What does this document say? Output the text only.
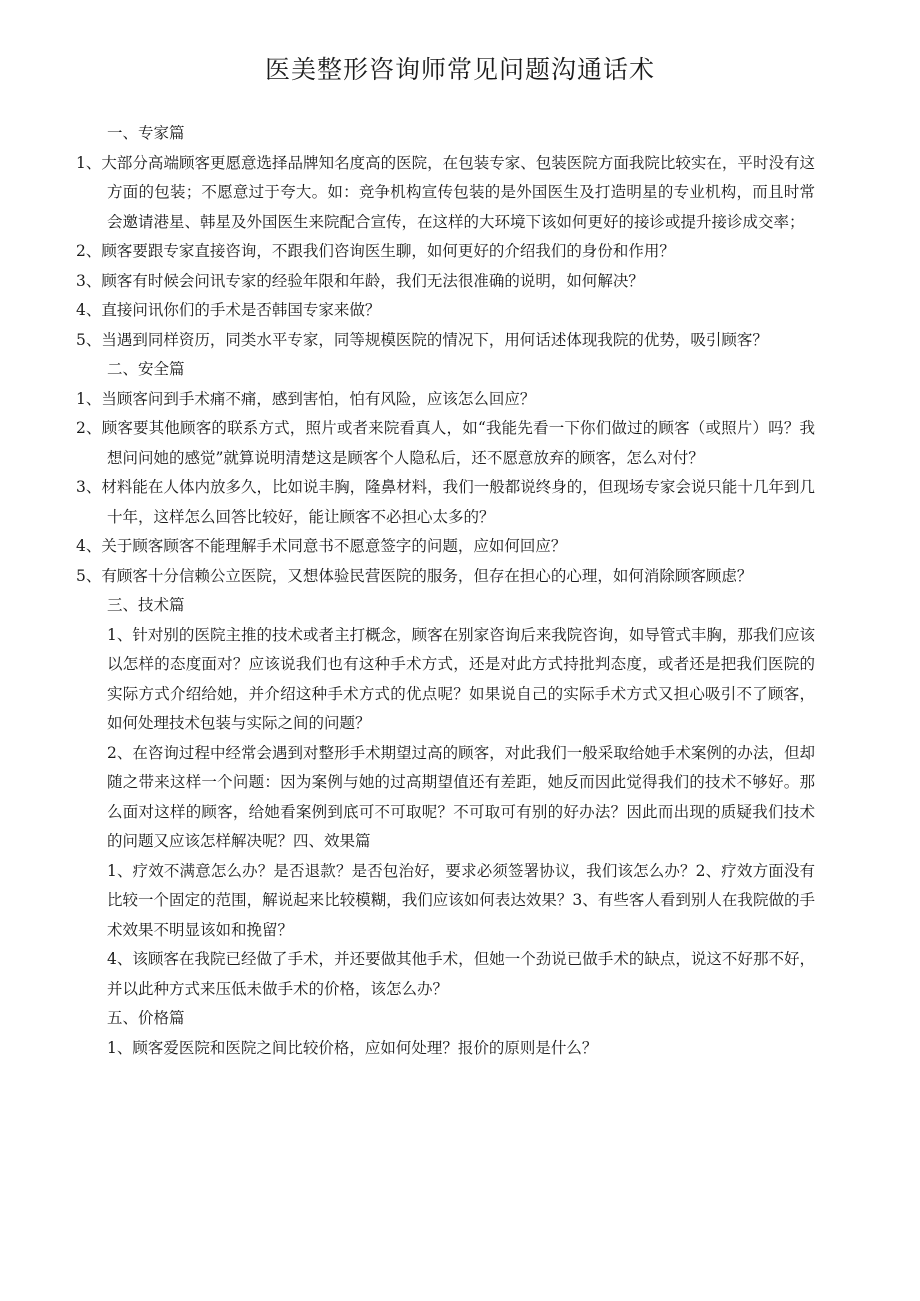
医美整形咨询师常见问题沟通话术

一、专家篇

1、大部分高端顾客更愿意选择品牌知名度高的医院，在包装专家、包装医院方面我院比较实在，平时没有这方面的包装；不愿意过于夸大。如：竞争机构宣传包装的是外国医生及打造明星的专业机构，而且时常会邀请港星、韩星及外国医生来院配合宣传，在这样的大环境下该如何更好的接诊或提升接诊成交率；

2、顾客要跟专家直接咨询，不跟我们咨询医生聊，如何更好的介绍我们的身份和作用？

3、顾客有时候会问讯专家的经验年限和年龄，我们无法很准确的说明，如何解决？

4、直接问讯你们的手术是否韩国专家来做？

5、当遇到同样资历，同类水平专家，同等规模医院的情况下，用何话述体现我院的优势，吸引顾客？

二、安全篇

1、当顾客问到手术痛不痛，感到害怕，怕有风险，应该怎么回应？

2、顾客要其他顾客的联系方式，照片或者来院看真人，如“我能先看一下你们做过的顾客（或照片）吗？我想问问她的感觉”就算说明清楚这是顾客个人隐私后，还不愿意放弃的顾客，怎么对付？

3、材料能在人体内放多久，比如说丰胸，隆鼻材料，我们一般都说终身的，但现场专家会说只能十几年到几十年，这样怎么回答比较好，能让顾客不必担心太多的？

4、关于顾客顾客不能理解手术同意书不愿意签字的问题，应如何回应？

5、有顾客十分信赖公立医院，又想体验民营医院的服务，但存在担心的心理，如何消除顾客顾虑？

三、技术篇

1、针对别的医院主推的技术或者主打概念，顾客在别家咨询后来我院咨询，如导管式丰胸，那我们应该以怎样的态度面对？应该说我们也有这种手术方式，还是对此方式持批判态度，或者还是把我们医院的实际方式介绍给她，并介绍这种手术方式的优点呢？如果说自己的实际手术方式又担心吸引不了顾客，如何处理技术包装与实际之间的问题？

2、在咨询过程中经常会遇到对整形手术期望过高的顾客，对此我们一般采取给她手术案例的办法，但却随之带来这样一个问题：因为案例与她的过高期望值还有差距，她反而因此觉得我们的技术不够好。那么面对这样的顾客，给她看案例到底可不可取呢？不可取可有别的好办法？因此而出现的质疑我们技术的问题又应该怎样解决呢？四、效果篇

1、疗效不满意怎么办？是否退款？是否包治好，要求必须签署协议，我们该怎么办？2、疗效方面没有比较一个固定的范围，解说起来比较模糊，我们应该如何表达效果？3、有些客人看到别人在我院做的手术效果不明显该如和挽留？

4、该顾客在我院已经做了手术，并还要做其他手术，但她一个劲说已做手术的缺点，说这不好那不好，并以此种方式来压低未做手术的价格，该怎么办？

五、价格篇

1、顾客爱医院和医院之间比较价格，应如何处理？报价的原则是什么？
